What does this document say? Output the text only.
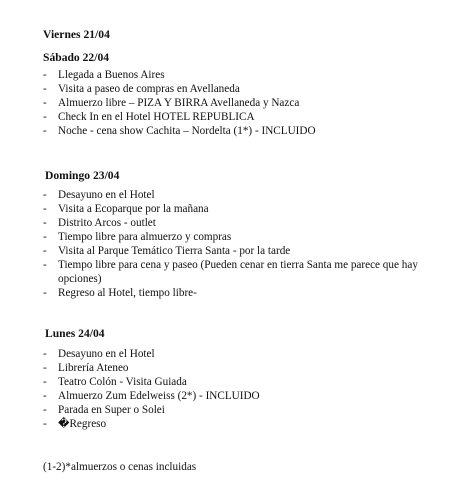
Viernes 21/04
Sábado 22/04
- Llegada a Buenos Aires
- Visita a paseo de compras en Avellaneda
- Almuerzo libre – PIZA Y BIRRA Avellaneda y Nazca
- Check In en el Hotel HOTEL REPUBLICA
- Noche - cena show Cachita – Nordelta (1*) - INCLUIDO
Domingo 23/04
- Desayuno en el Hotel
- Visita a Ecoparque por la mañana
- Distrito Arcos - outlet
- Tiempo libre para almuerzo y compras
- Visita al Parque Temático Tierra Santa - por la tarde
- Tiempo libre para cena y paseo (Pueden cenar en tierra Santa me parece que hay opciones)
- Regreso al Hotel, tiempo libre-
Lunes 24/04
- Desayuno en el Hotel
- Librería Ateneo
- Teatro Colón - Visita Guiada
- Almuerzo Zum Edelweiss (2*) - INCLUIDO
- Parada en Super o Solei
- �Regreso
(1-2)*almuerzos o cenas incluidas
